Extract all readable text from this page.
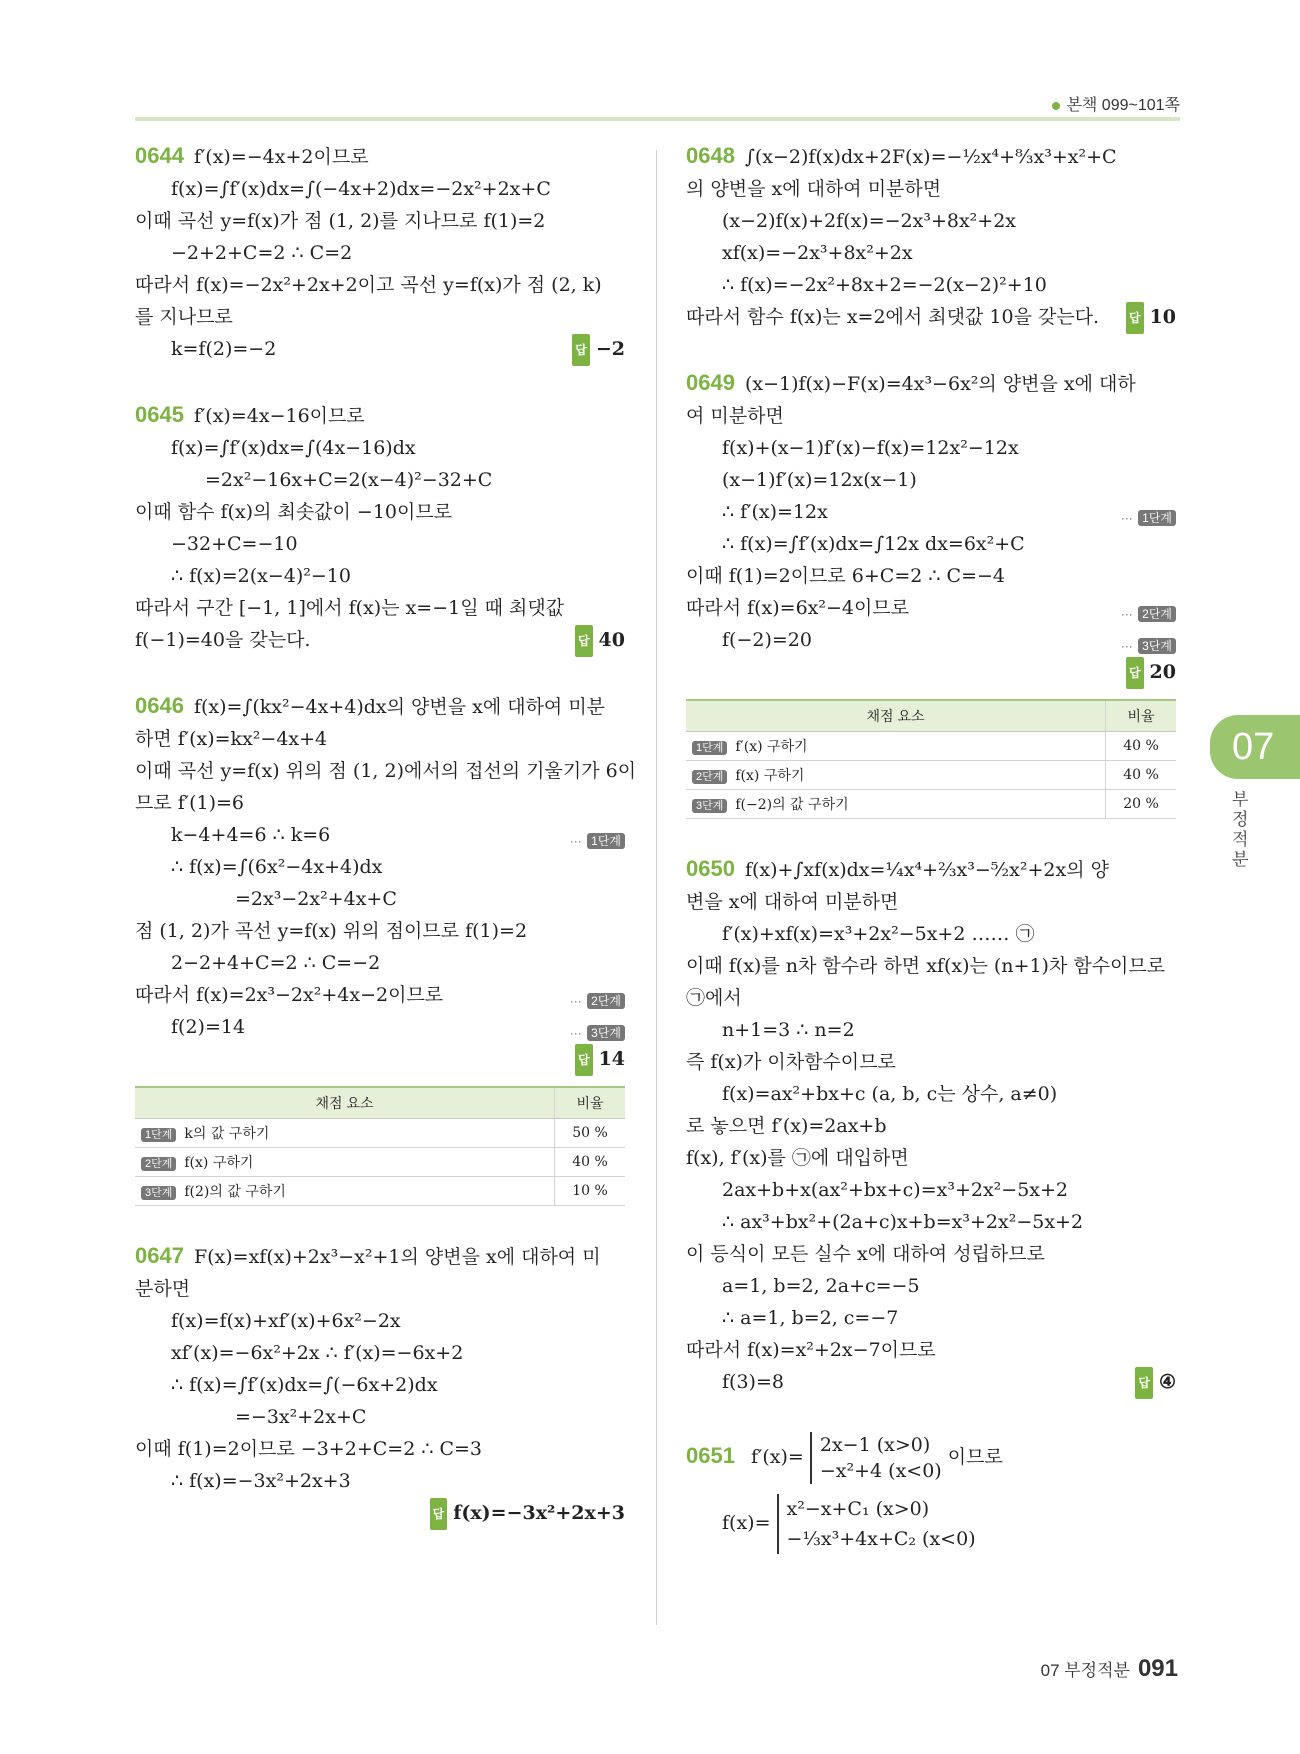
본책 099~101쪽
0644 f′(x)=−4x+2이므로
f(x)=∫f′(x)dx=∫(−4x+2)dx=−2x²+2x+C
이때 곡선 y=f(x)가 점 (1, 2)를 지나므로 f(1)=2
−2+2+C=2 ∴ C=2
따라서 f(x)=−2x²+2x+2이고 곡선 y=f(x)가 점 (2, k)
를 지나므로
k=f(2)=−2	답 −2
0645 f′(x)=4x−16이므로
f(x)=∫f′(x)dx=∫(4x−16)dx
=2x²−16x+C=2(x−4)²−32+C
이때 함수 f(x)의 최솟값이 −10이므로
−32+C=−10
∴ f(x)=2(x−4)²−10
따라서 구간 [−1, 1]에서 f(x)는 x=−1일 때 최댓값
f(−1)=40을 갖는다.	답 40
0646 f(x)=∫(kx²−4x+4)dx의 양변을 x에 대하여 미분
하면 f′(x)=kx²−4x+4
이때 곡선 y=f(x) 위의 점 (1, 2)에서의 접선의 기울기가 6이
므로 f′(1)=6
k−4+4=6 ∴ k=6	··· 1단계
∴ f(x)=∫(6x²−4x+4)dx
=2x³−2x²+4x+C
점 (1, 2)가 곡선 y=f(x) 위의 점이므로 f(1)=2
2−2+4+C=2 ∴ C=−2
따라서 f(x)=2x³−2x²+4x−2이므로	··· 2단계
f(2)=14	··· 3단계
답 14
채점 요소	비율
1단계 k의 값 구하기	50 %
2단계 f(x) 구하기	40 %
3단계 f(2)의 값 구하기	10 %
0647 F(x)=xf(x)+2x³−x²+1의 양변을 x에 대하여 미
분하면
f(x)=f(x)+xf′(x)+6x²−2x
xf′(x)=−6x²+2x ∴ f′(x)=−6x+2
∴ f(x)=∫f′(x)dx=∫(−6x+2)dx
=−3x²+2x+C
이때 f(1)=2이므로 −3+2+C=2 ∴ C=3
∴ f(x)=−3x²+2x+3
답 f(x)=−3x²+2x+3
0648 ∫(x−2)f(x)dx+2F(x)=−½x⁴+⁸⁄₃x³+x²+C
의 양변을 x에 대하여 미분하면
(x−2)f(x)+2f(x)=−2x³+8x²+2x
xf(x)=−2x³+8x²+2x
∴ f(x)=−2x²+8x+2=−2(x−2)²+10
따라서 함수 f(x)는 x=2에서 최댓값 10을 갖는다. 답 10
0649 (x−1)f(x)−F(x)=4x³−6x²의 양변을 x에 대하
여 미분하면
f(x)+(x−1)f′(x)−f(x)=12x²−12x
(x−1)f′(x)=12x(x−1)
∴ f′(x)=12x	··· 1단계
∴ f(x)=∫f′(x)dx=∫12x dx=6x²+C
이때 f(1)=2이므로 6+C=2 ∴ C=−4
따라서 f(x)=6x²−4이므로	··· 2단계
f(−2)=20	··· 3단계
답 20
채점 요소	비율
1단계 f′(x) 구하기	40 %
2단계 f(x) 구하기	40 %
3단계 f(−2)의 값 구하기	20 %
0650 f(x)+∫xf(x)dx=¼x⁴+⅔x³−⁵⁄₂x²+2x의 양
변을 x에 대하여 미분하면
f′(x)+xf(x)=x³+2x²−5x+2 …… ㉠
이때 f(x)를 n차 함수라 하면 xf(x)는 (n+1)차 함수이므로
㉠에서
n+1=3 ∴ n=2
즉 f(x)가 이차함수이므로
f(x)=ax²+bx+c (a, b, c는 상수, a≠0)
로 놓으면 f′(x)=2ax+b
f(x), f′(x)를 ㉠에 대입하면
2ax+b+x(ax²+bx+c)=x³+2x²−5x+2
∴ ax³+bx²+(2a+c)x+b=x³+2x²−5x+2
이 등식이 모든 실수 x에 대하여 성립하므로
a=1, b=2, 2a+c=−5
∴ a=1, b=2, c=−7
따라서 f(x)=x²+2x−7이므로
f(3)=8	답 ④
0651 f′(x)=
2x−1 (x>0)
−x²+4 (x<0)
이므로
f(x)=
x²−x+C₁ (x>0)
−⅓x³+4x+C₂ (x<0)
07
부정적분
07 부정적분 091
